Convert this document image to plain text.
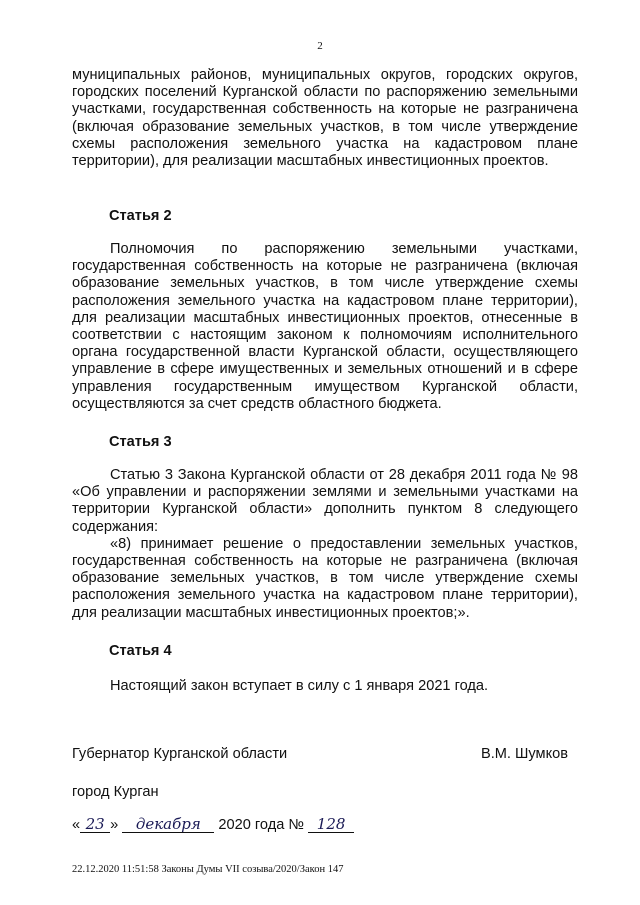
2

муниципальных районов, муниципальных округов, городских округов, городских поселений Курганской области по распоряжению земельными участками, государственная собственность на которые не разграничена (включая образование земельных участков, в том числе утверждение схемы расположения земельного участка на кадастровом плане территории), для реализации масштабных инвестиционных проектов.

Статья 2

Полномочия по распоряжению земельными участками, государственная собственность на которые не разграничена (включая образование земельных участков, в том числе утверждение схемы расположения земельного участка на кадастровом плане территории), для реализации масштабных инвестиционных проектов, отнесенные в соответствии с настоящим законом к полномочиям исполнительного органа государственной власти Курганской области, осуществляющего управление в сфере имущественных и земельных отношений и в сфере управления государственным имуществом Курганской области, осуществляются за счет средств областного бюджета.

Статья 3

Статью 3 Закона Курганской области от 28 декабря 2011 года № 98 «Об управлении и распоряжении землями и земельными участками на территории Курганской области» дополнить пунктом 8 следующего содержания:

«8) принимает решение о предоставлении земельных участков, государственная собственность на которые не разграничена (включая образование земельных участков, в том числе утверждение схемы расположения земельного участка на кадастровом плане территории), для реализации масштабных инвестиционных проектов;».

Статья 4

Настоящий закон вступает в силу с 1 января 2021 года.

Губернатор Курганской области	В.М. Шумков
город Курган
« 23 » декабря 2020 года № 128
22.12.2020 11:51:58 Законы Думы VII созыва/2020/Закон 147
